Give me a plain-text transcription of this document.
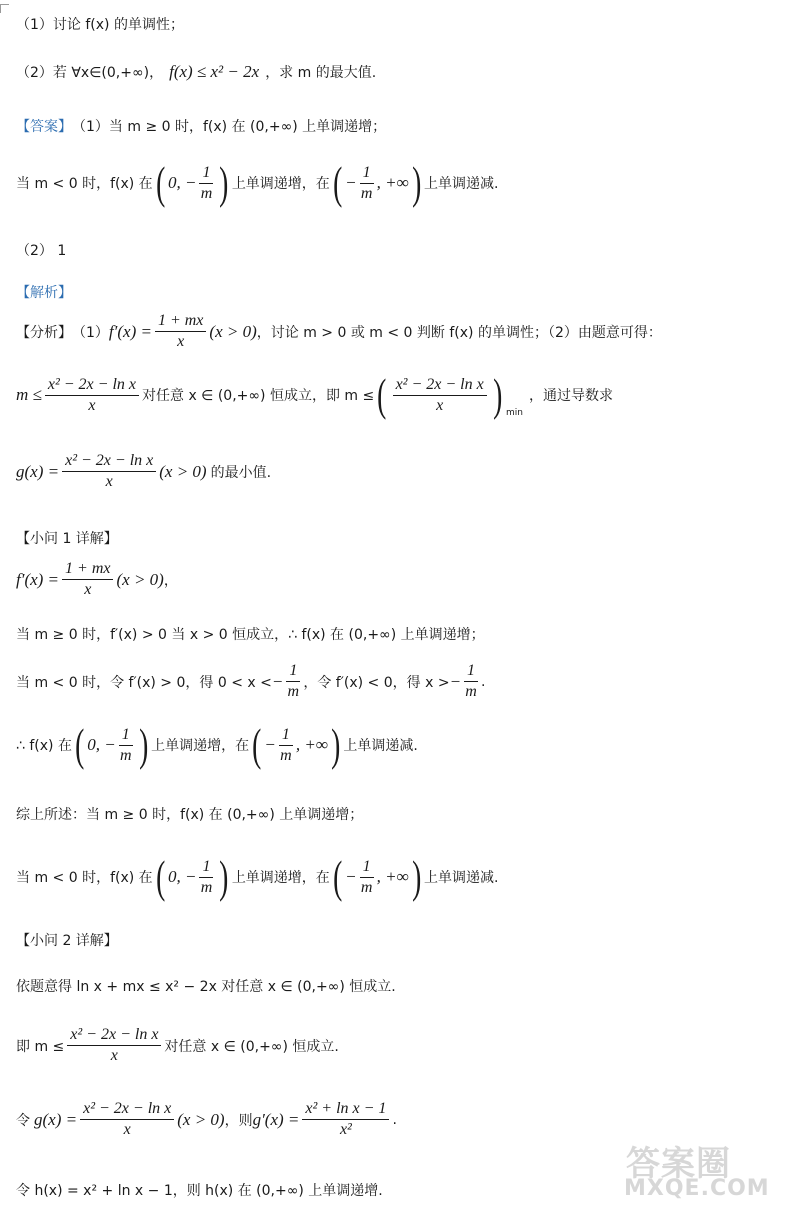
（1）讨论 f(x) 的单调性；
（2）若 ∀x∈(0,+∞)， f(x) ≤ x² − 2x ，求 m 的最大值.
【答案】 （1）当 m ≥ 0 时，f(x) 在 (0,+∞) 上单调递增；
当 m < 0 时，f(x) 在 ( 0, − $\frac{1}{m}$ ) 上单调递增，在 ( − $\frac{1}{m}$ , +∞ ) 上单调递减.
（2） 1
【解析】
【分析】 （1） $f'(x) = \frac{1 + mx}{x} (x > 0)$ ，讨论 m > 0 或 m < 0 判断 f(x) 的单调性；（2）由题意可得：
$m \le \frac{\text{x² − 2x − ln x}}{x}$ 对任意 x ∈ (0,+∞) 恒成立，即 m ≤ ( $\frac{\text{x² − 2x − ln x}}{x}$ ) min
，通过导数求
$g(x) = \frac{\text{x² − 2x − ln x}}{x} (x > 0)$ 的最小值.
【小问 1 详解】
$f'(x) = \frac{1 + mx}{x} (x > 0)$ ，
当 m ≥ 0 时，f′(x) > 0 当 x > 0 恒成立，∴ f(x) 在 (0,+∞) 上单调递增；
当 m < 0 时，令 f′(x) > 0，得 0 < x < − $\frac{1}{m}$ ，令 f′(x) < 0，得 x > − $\frac{1}{m}$ .
∴ f(x) 在 ( 0, − $\frac{1}{m}$ ) 上单调递增，在 ( − $\frac{1}{m}$ , +∞ ) 上单调递减.
综上所述：当 m ≥ 0 时，f(x) 在 (0,+∞) 上单调递增；
当 m < 0 时，f(x) 在 ( 0, − $\frac{1}{m}$ ) 上单调递增，在 ( − $\frac{1}{m}$ , +∞ ) 上单调递减.
【小问 2 详解】
依题意得 ln x + mx ≤ x² − 2x 对任意 x ∈ (0,+∞) 恒成立.
即 $m \le \frac{\text{x² − 2x − ln x}}{x}$ 对任意 x ∈ (0,+∞) 恒成立.
令 $g(x) = \frac{\text{x² − 2x − ln x}}{x} (x > 0)$ ，则 $g'(x) = \frac{\text{x² + ln x − 1}}{\text{x²}}$ .
令 h(x) = x² + ln x − 1，则 h(x) 在 (0,+∞) 上单调递增.
答案圈
MXQE.COM
